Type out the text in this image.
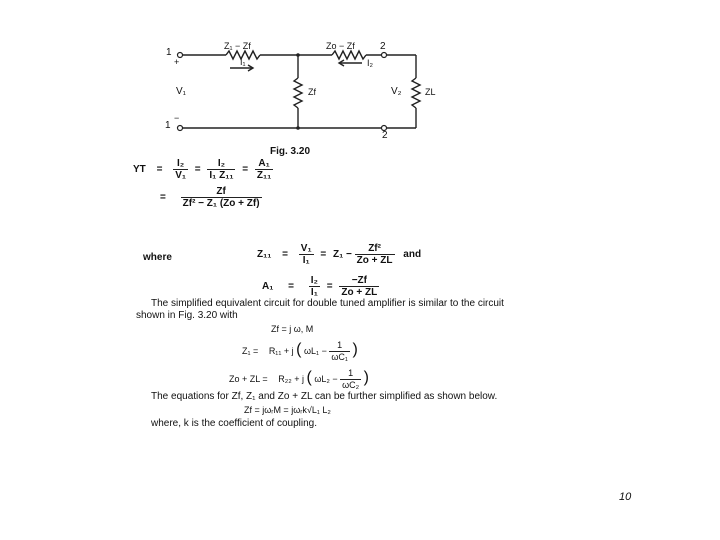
1
+
1
−
2
2
Z₁ − Zf	Zo − Zf
I₁	I₂
V₁	V₂
Zf	ZL
Fig. 3.20
YT = $\frac{\text{I₂}}{\text{V₁}} = \frac{\text{I₂}}{\text{I₁ Z₁₁}} = \frac{\text{A₁}}{\text{Z₁₁}}$
= $\frac{Zf}{\text{Zf² − Z₁ (Zo + Zf)}}$
where	$Z_{11} = \frac{\text{V₁}}{\text{I₁}} = Z_1 - \frac{\text{Zf²}}{Zo + ZL}$ and
$A_1 = \frac{\text{I₂}}{\text{I₁}} = \frac{-Zf}{Zo + ZL}$
The simplified equivalent circuit for double tuned amplifier is similar to the circuit
shown in Fig. 3.20 with
Zf = j ω, M
Z₁ = R₁₁ + j ( $\omega L_1 - \frac{1}{\text{ωC₁}}$ )
Zo + ZL = R₂₂ + j ( $\omega L_2 - \frac{1}{\text{ωC₂}}$ )
The equations for Zf, Z₁ and Zo + ZL can be further simplified as shown below.
Zf = jωᵣM = jωᵣk√L₁ L₂
where, k is the coefficient of coupling.
10
